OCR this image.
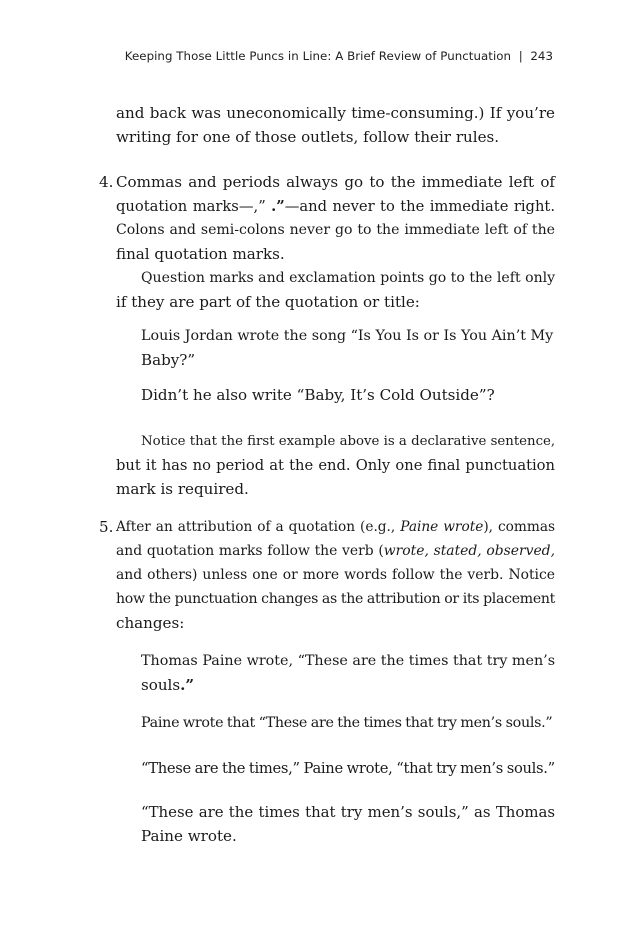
Keeping Those Little Puncs in Line: A Brief Review of Punctuation | 243

and back was uneconomically time-consuming.) If you’re

writing for one of those outlets, follow their rules.

4. Commas and periods always go to the immediate left of

quotation marks—,” .”—and never to the immediate right.

Colons and semi-colons never go to the immediate left of the

final quotation marks.

Question marks and exclamation points go to the left only

if they are part of the quotation or title:

Louis Jordan wrote the song “Is You Is or Is You Ain’t My

Baby?”

Didn’t he also write “Baby, It’s Cold Outside”?

Notice that the first example above is a declarative sentence,

but it has no period at the end. Only one final punctuation

mark is required.

5. After an attribution of a quotation (e.g., Paine wrote), commas

and quotation marks follow the verb (wrote, stated, observed,

and others) unless one or more words follow the verb. Notice

how the punctuation changes as the attribution or its placement

changes:

Thomas Paine wrote, “These are the times that try men’s

souls.”

Paine wrote that “These are the times that try men’s souls.”

“These are the times,” Paine wrote, “that try men’s souls.”

“These are the times that try men’s souls,” as Thomas

Paine wrote.
